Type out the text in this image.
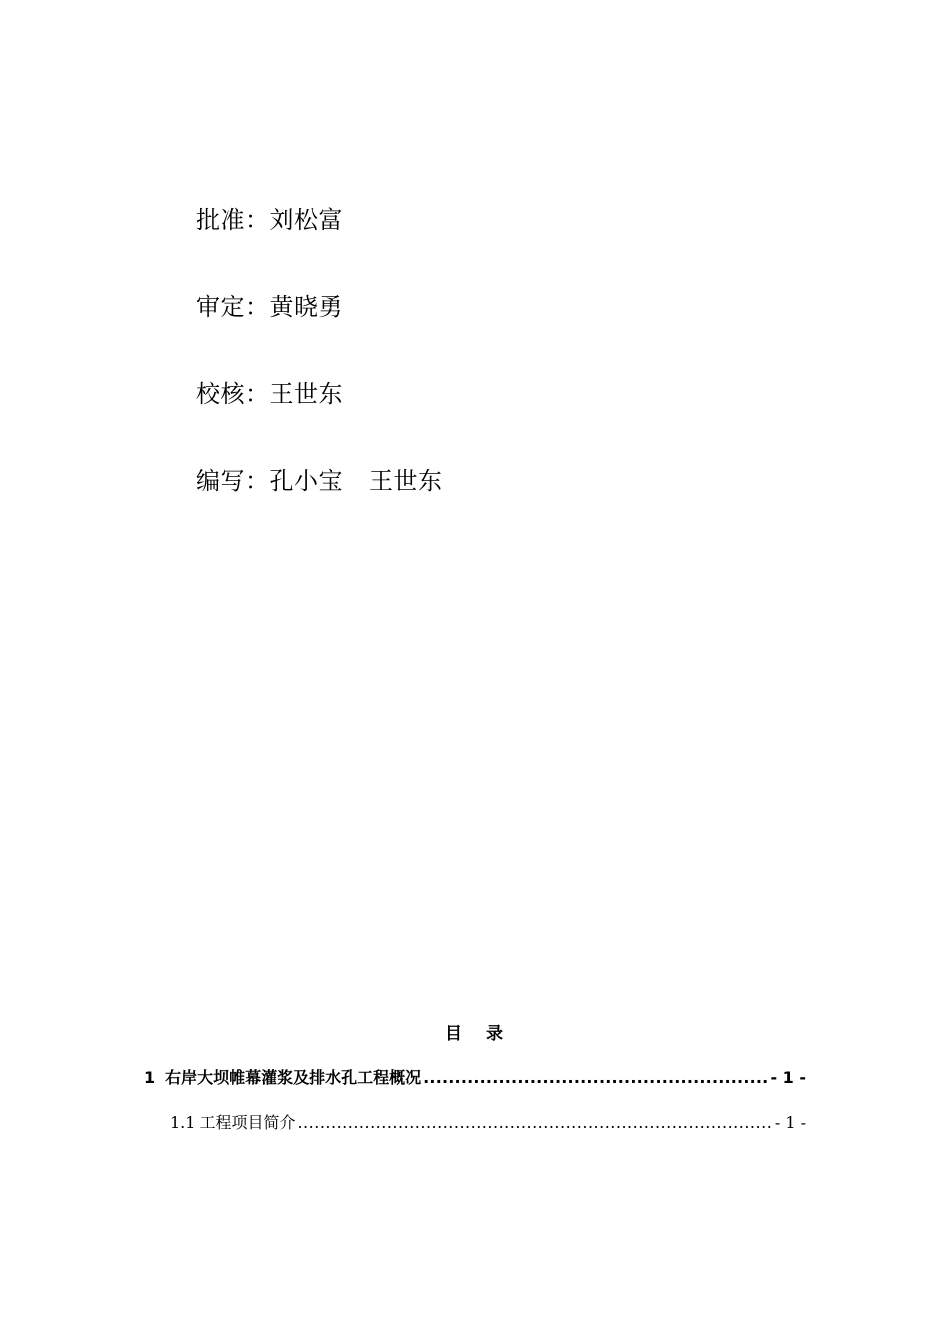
批准：刘松富
审定：黄晓勇
校核：王世东
编写：孔小宝 王世东
目 录
1 右岸大坝帷幕灌浆及排水孔工程概况 .....	- 1 -
1.1 工程项目简介 .....	- 1 -
